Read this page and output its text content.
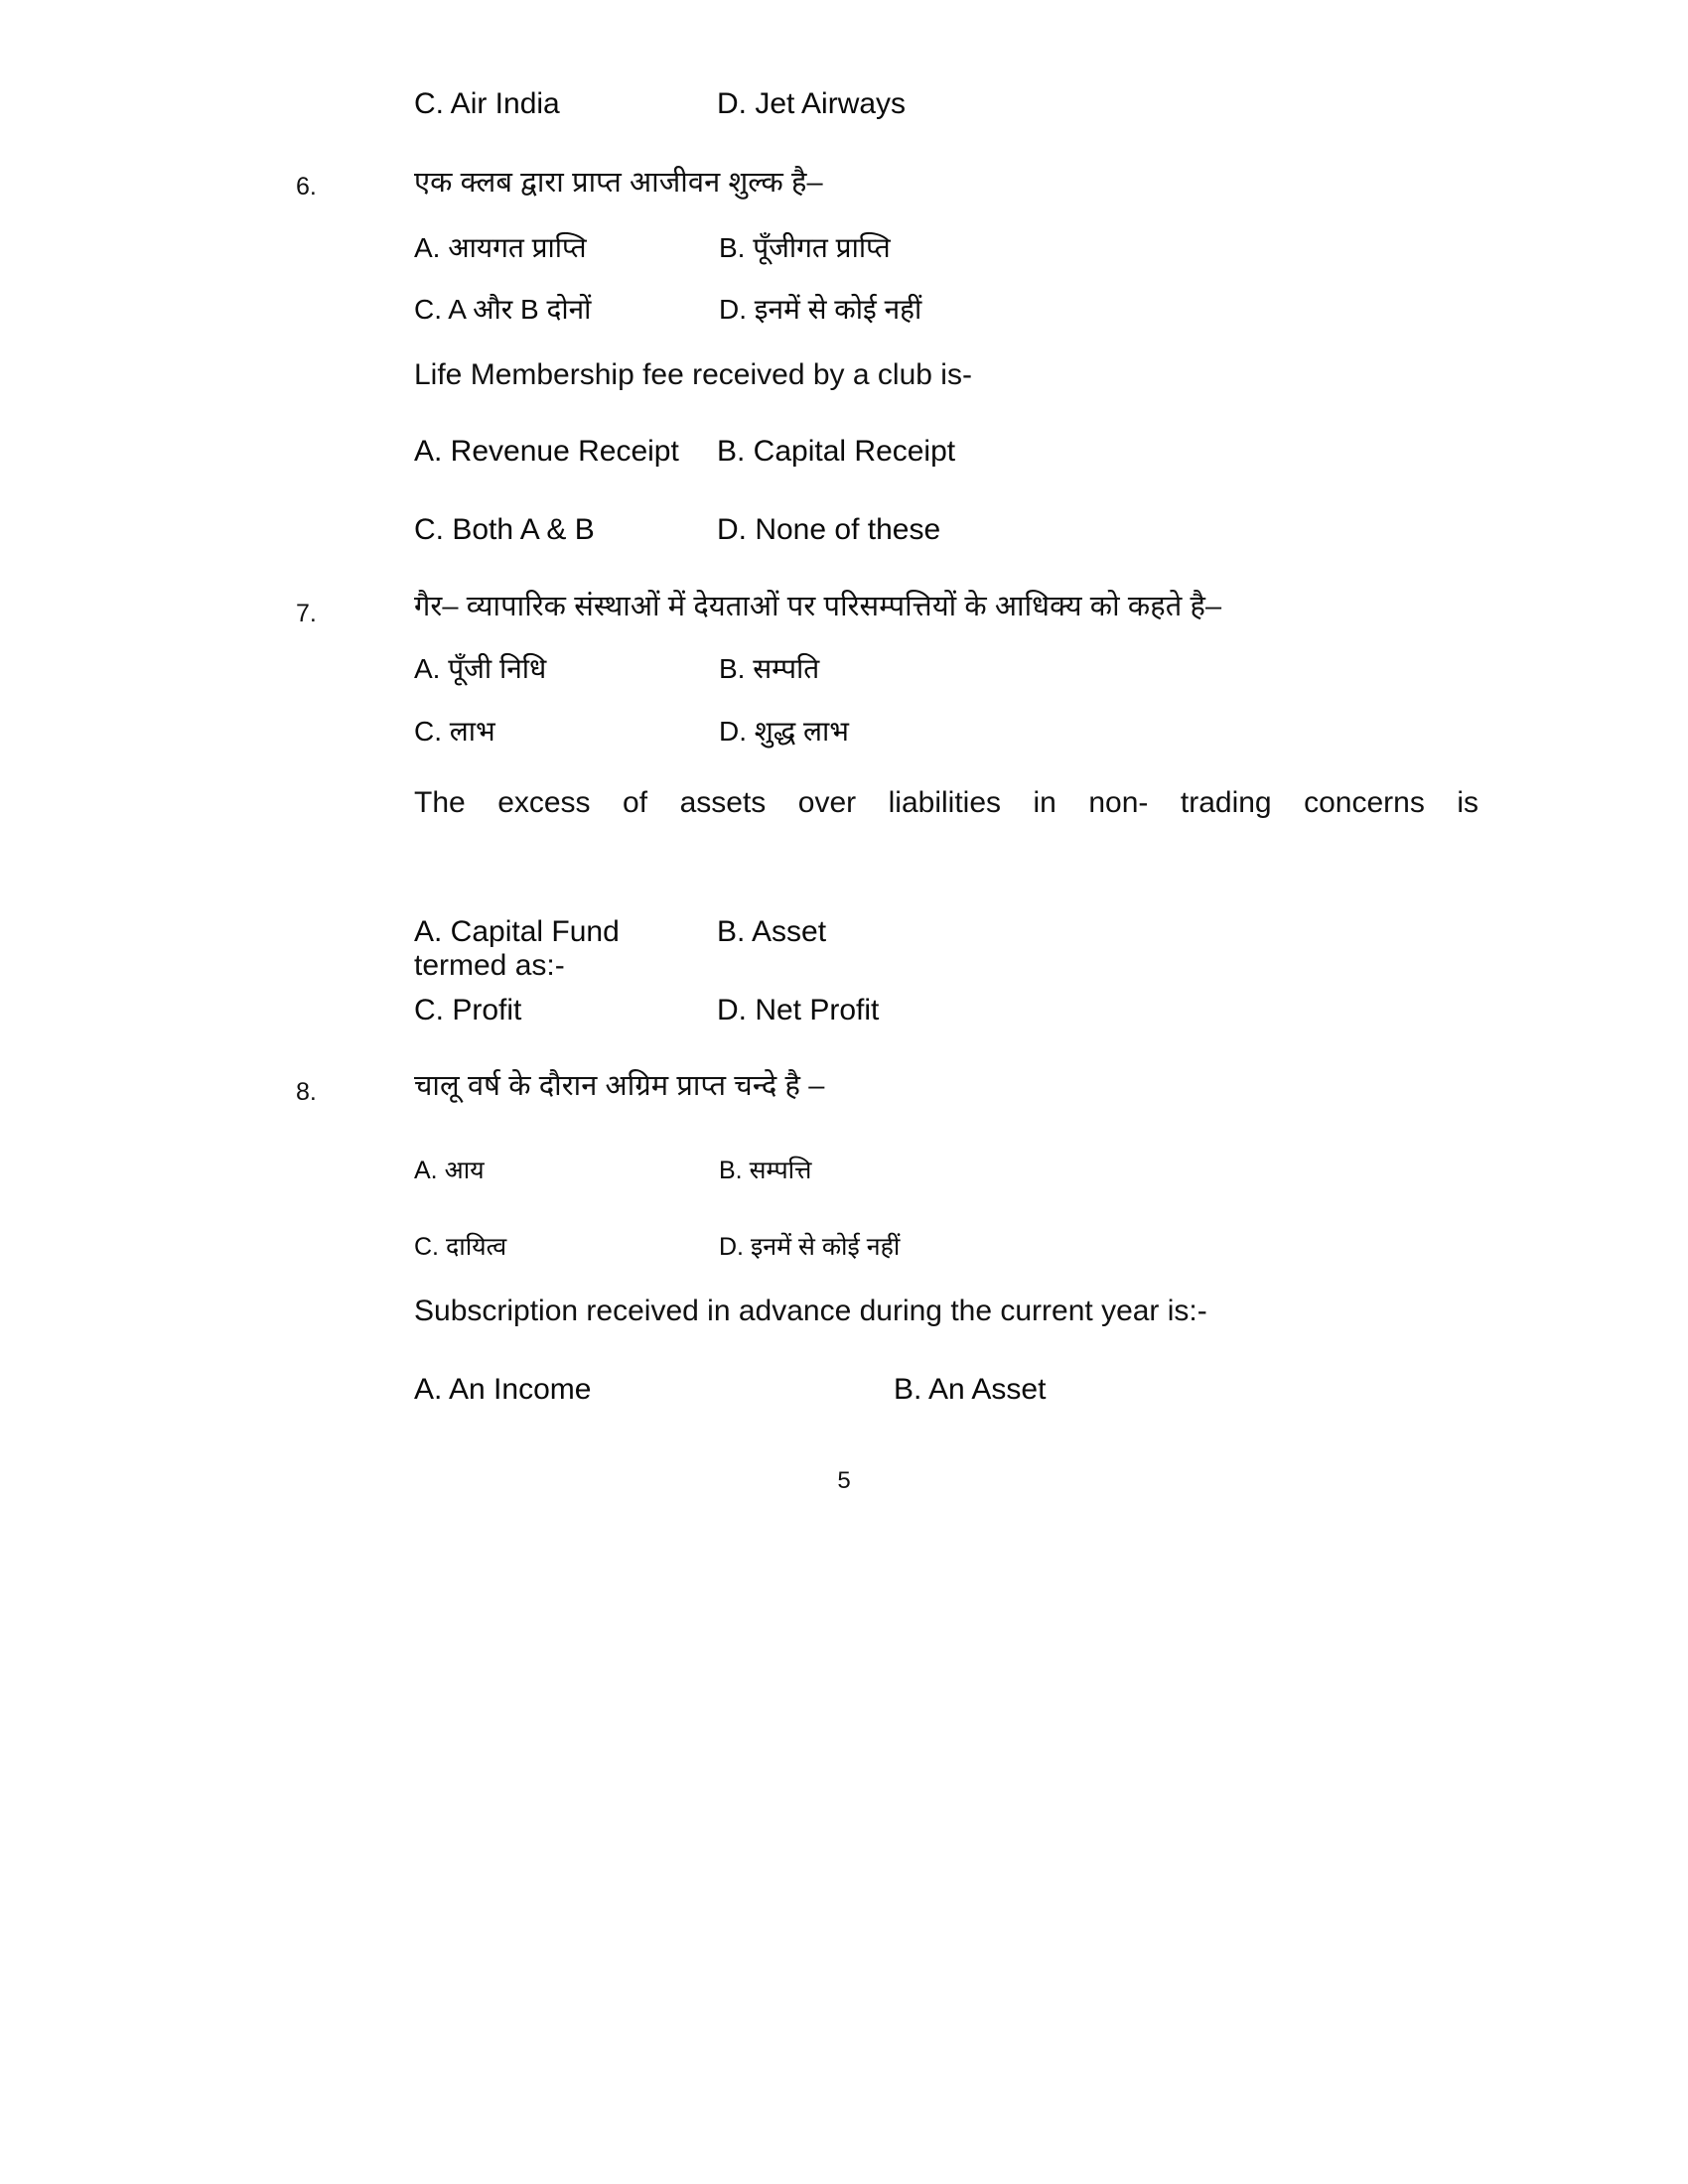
C. Air India	D. Jet Airways
6.	एक क्लब द्वारा प्राप्त आजीवन शुल्क है–
A. आयगत प्राप्ति	B. पूँजीगत प्राप्ति
C. A और B दोनों	D. इनमें से कोई नहीं
Life Membership fee received by a club is-
A. Revenue Receipt B. Capital Receipt
C. Both A & B	D. None of these
7.	गैर– व्यापारिक संस्थाओं में देयताओं पर परिसम्पत्तियों के आधिक्य को कहते है–
A. पूँजी निधि	B. सम्पति
C. लाभ	D. शुद्ध लाभ
The excess of assets over liabilities in non- trading concerns is
termed as:-
A. Capital Fund	B. Asset
C. Profit	D. Net Profit
8.	चालू वर्ष के दौरान अग्रिम प्राप्त चन्दे है –
A. आय	B. सम्पत्ति
C. दायित्व	D. इनमें से कोई नहीं
Subscription received in advance during the current year is:-
A. An Income	B. An Asset
5
